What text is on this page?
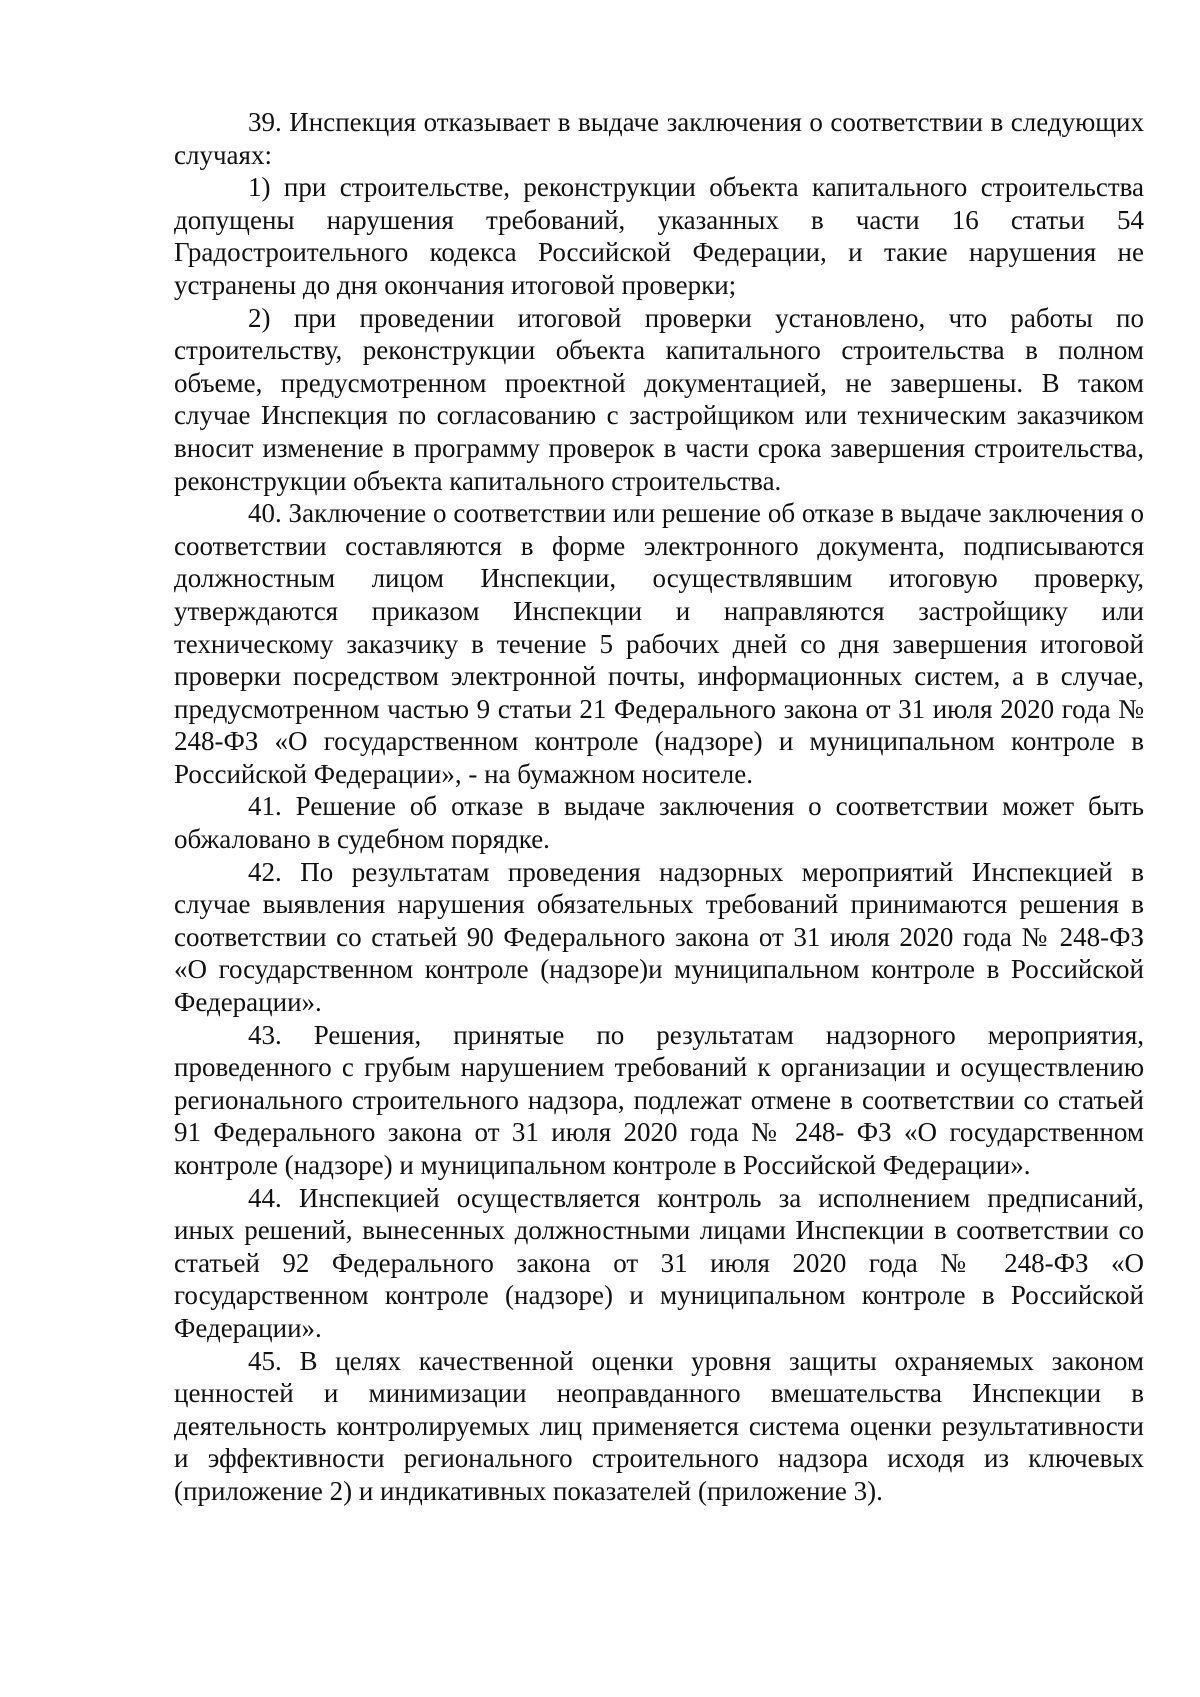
39. Инспекция отказывает в выдаче заключения о соответствии в следующих случаях:

1) при строительстве, реконструкции объекта капитального строительства допущены нарушения требований, указанных в части 16 статьи 54 Градостроительного кодекса Российской Федерации, и такие нарушения не устранены до дня окончания итоговой проверки;

2) при проведении итоговой проверки установлено, что работы по строительству, реконструкции объекта капитального строительства в полном объеме, предусмотренном проектной документацией, не завершены. В таком случае Инспекция по согласованию с застройщиком или техническим заказчиком вносит изменение в программу проверок в части срока завершения строительства, реконструкции объекта капитального строительства.

40. Заключение о соответствии или решение об отказе в выдаче заключения о соответствии составляются в форме электронного документа, подписываются должностным лицом Инспекции, осуществлявшим итоговую проверку, утверждаются приказом Инспекции и направляются застройщику или техническому заказчику в течение 5 рабочих дней со дня завершения итоговой проверки посредством электронной почты, информационных систем, а в случае, предусмотренном частью 9 статьи 21 Федерального закона от 31 июля 2020 года № 248-ФЗ «О государственном контроле (надзоре) и муниципальном контроле в Российской Федерации», - на бумажном носителе.

41. Решение об отказе в выдаче заключения о соответствии может быть обжаловано в судебном порядке.

42. По результатам проведения надзорных мероприятий Инспекцией в случае выявления нарушения обязательных требований принимаются решения в соответствии со статьей 90 Федерального закона от 31 июля 2020 года № 248-ФЗ «О государственном контроле (надзоре)и муниципальном контроле в Российской Федерации».

43. Решения, принятые по результатам надзорного мероприятия, проведенного с грубым нарушением требований к организации и осуществлению регионального строительного надзора, подлежат отмене в соответствии со статьей 91 Федерального закона от 31 июля 2020 года № 248- ФЗ «О государственном контроле (надзоре) и муниципальном контроле в Российской Федерации».

44. Инспекцией осуществляется контроль за исполнением предписаний, иных решений, вынесенных должностными лицами Инспекции в соответствии со статьей 92 Федерального закона от 31 июля 2020 года № 248-ФЗ «О государственном контроле (надзоре) и муниципальном контроле в Российской Федерации».

45. В целях качественной оценки уровня защиты охраняемых законом ценностей и минимизации неоправданного вмешательства Инспекции в деятельность контролируемых лиц применяется система оценки результативности и эффективности регионального строительного надзора исходя из ключевых (приложение 2) и индикативных показателей (приложение 3).
